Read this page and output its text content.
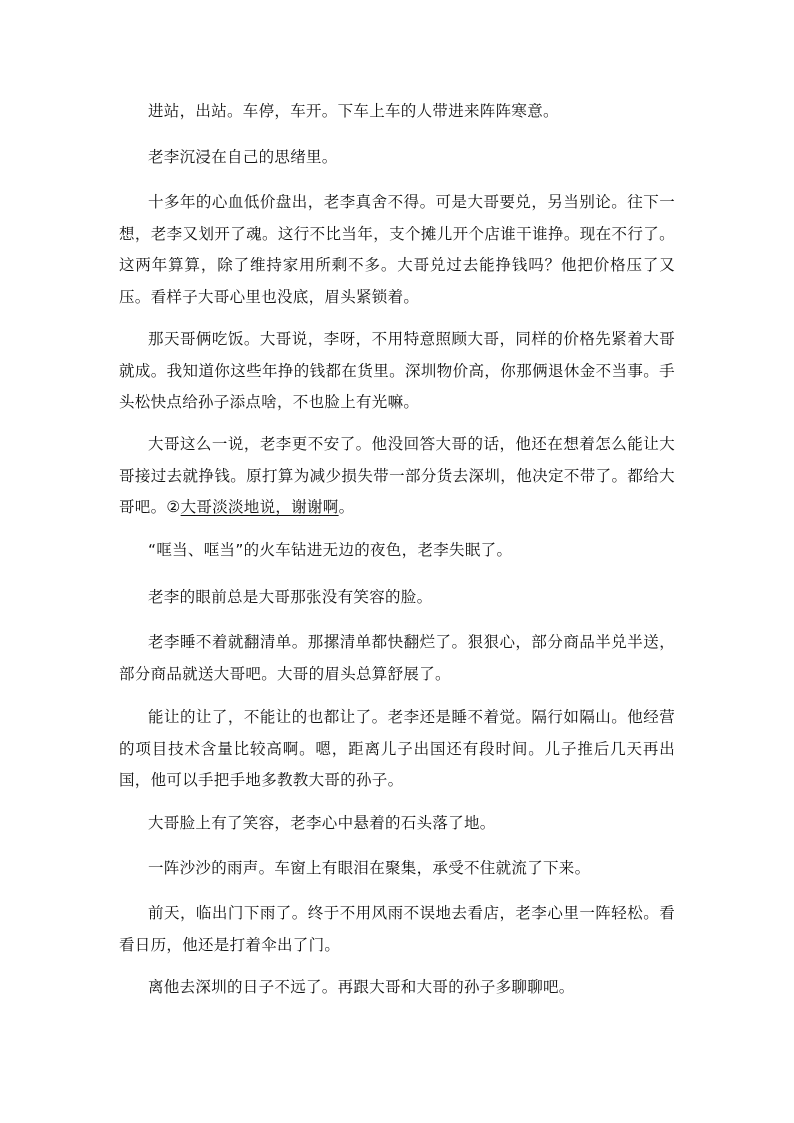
进站，出站。车停，车开。下车上车的人带进来阵阵寒意。

老李沉浸在自己的思绪里。

十多年的心血低价盘出，老李真舍不得。可是大哥要兑，另当别论。往下一想，老李又划开了魂。这行不比当年，支个摊儿开个店谁干谁挣。现在不行了。这两年算算，除了维持家用所剩不多。大哥兑过去能挣钱吗？他把价格压了又压。看样子大哥心里也没底，眉头紧锁着。

那天哥俩吃饭。大哥说，李呀，不用特意照顾大哥，同样的价格先紧着大哥就成。我知道你这些年挣的钱都在货里。深圳物价高，你那俩退休金不当事。手头松快点给孙子添点啥，不也脸上有光嘛。

大哥这么一说，老李更不安了。他没回答大哥的话，他还在想着怎么能让大哥接过去就挣钱。原打算为减少损失带一部分货去深圳，他决定不带了。都给大哥吧。②大哥淡淡地说，谢谢啊。

“哐当、哐当”的火车钻进无边的夜色，老李失眠了。

老李的眼前总是大哥那张没有笑容的脸。

老李睡不着就翻清单。那摞清单都快翻烂了。狠狠心，部分商品半兑半送，部分商品就送大哥吧。大哥的眉头总算舒展了。

能让的让了，不能让的也都让了。老李还是睡不着觉。隔行如隔山。他经营的项目技术含量比较高啊。嗯，距离儿子出国还有段时间。儿子推后几天再出国，他可以手把手地多教教大哥的孙子。

大哥脸上有了笑容，老李心中悬着的石头落了地。

一阵沙沙的雨声。车窗上有眼泪在聚集，承受不住就流了下来。

前天，临出门下雨了。终于不用风雨不误地去看店，老李心里一阵轻松。看看日历，他还是打着伞出了门。

离他去深圳的日子不远了。再跟大哥和大哥的孙子多聊聊吧。
